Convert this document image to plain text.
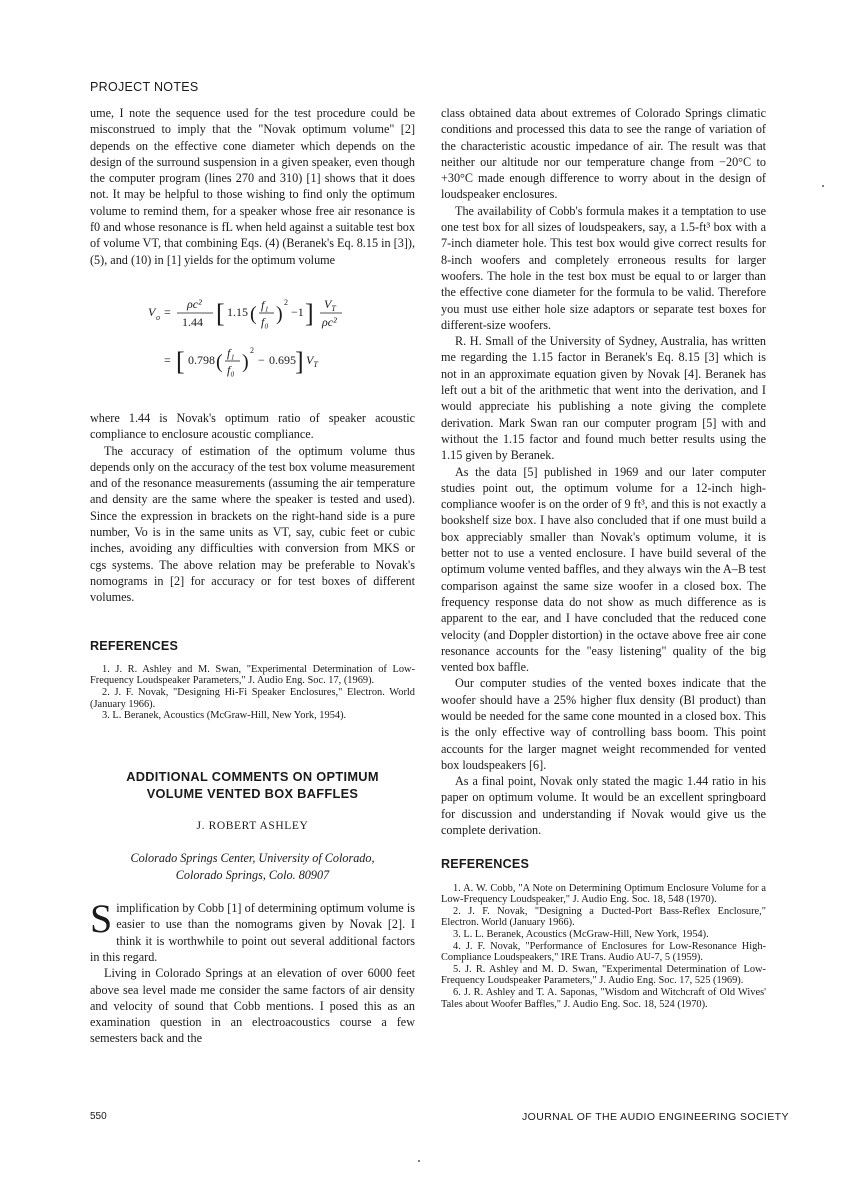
PROJECT NOTES

ume, I note the sequence used for the test procedure could be misconstrued to imply that the "Novak optimum volume" [2] depends on the effective cone diameter which depends on the design of the surround suspension in a given speaker, even though the computer program (lines 270 and 310) [1] shows that it does not. It may be helpful to those wishing to find only the optimum volume to remind them, for a speaker whose free air resonance is f0 and whose resonance is fL when held against a suitable test box of volume VT, that combining Eqs. (4) (Beranek's Eq. 8.15 in [3]), (5), and (10) in [1] yields for the optimum volume

V o =
ρc²
1.44 [ 1.15 ( f₁
f₀ )
2
−1 ] $V_T$
ρc²
= [ 0.798 ( f₁
f₀ )
2
− 0.695 ] $V_T$

where 1.44 is Novak's optimum ratio of speaker acoustic compliance to enclosure acoustic compliance.

The accuracy of estimation of the optimum volume thus depends only on the accuracy of the test box volume measurement and of the resonance measurements (assuming the air temperature and density are the same where the speaker is tested and used). Since the expression in brackets on the right-hand side is a pure number, Vo is in the same units as VT, say, cubic feet or cubic inches, avoiding any difficulties with conversion from MKS or cgs systems. The above relation may be preferable to Novak's nomograms in [2] for accuracy or for test boxes of different volumes.

REFERENCES
1. J. R. Ashley and M. Swan, "Experimental Determination of Low-Frequency Loudspeaker Parameters," J. Audio Eng. Soc. 17, (1969).
2. J. F. Novak, "Designing Hi-Fi Speaker Enclosures," Electron. World (January 1966).
3. L. Beranek, Acoustics (McGraw-Hill, New York, 1954).
ADDITIONAL COMMENTS ON OPTIMUM
VOLUME VENTED BOX BAFFLES
J. ROBERT ASHLEY
Colorado Springs Center, University of Colorado,
Colorado Springs, Colo. 80907

Simplification by Cobb [1] of determining optimum volume is easier to use than the nomograms given by Novak [2]. I think it is worthwhile to point out several additional factors in this regard.

Living in Colorado Springs at an elevation of over 6000 feet above sea level made me consider the same factors of air density and velocity of sound that Cobb mentions. I posed this as an examination question in an electroacoustics course a few semesters back and the

class obtained data about extremes of Colorado Springs climatic conditions and processed this data to see the range of variation of the characteristic acoustic impedance of air. The result was that neither our altitude nor our temperature change from −20°C to +30°C made enough difference to worry about in the design of loudspeaker enclosures.

The availability of Cobb's formula makes it a temptation to use one test box for all sizes of loudspeakers, say, a 1.5-ft³ box with a 7-inch diameter hole. This test box would give correct results for 8-inch woofers and completely erroneous results for larger woofers. The hole in the test box must be equal to or larger than the effective cone diameter for the formula to be valid. Therefore you must use either hole size adaptors or separate test boxes for different-size woofers.

R. H. Small of the University of Sydney, Australia, has written me regarding the 1.15 factor in Beranek's Eq. 8.15 [3] which is not in an approximate equation given by Novak [4]. Beranek has left out a bit of the arithmetic that went into the derivation, and I would appreciate his publishing a note giving the complete derivation. Mark Swan ran our computer program [5] with and without the 1.15 factor and found much better results using the 1.15 given by Beranek.

As the data [5] published in 1969 and our later computer studies point out, the optimum volume for a 12-inch high-compliance woofer is on the order of 9 ft³, and this is not exactly a bookshelf size box. I have also concluded that if one must build a box appreciably smaller than Novak's optimum volume, it is better not to use a vented enclosure. I have build several of the optimum volume vented baffles, and they always win the A–B test comparison against the same size woofer in a closed box. The frequency response data do not show as much difference as is apparent to the ear, and I have concluded that the reduced cone velocity (and Doppler distortion) in the octave above free air cone resonance accounts for the "easy listening" quality of the big vented box baffle.

Our computer studies of the vented boxes indicate that the woofer should have a 25% higher flux density (Bl product) than would be needed for the same cone mounted in a closed box. This is the only effective way of controlling bass boom. This point accounts for the larger magnet weight recommended for vented box loudspeakers [6].

As a final point, Novak only stated the magic 1.44 ratio in his paper on optimum volume. It would be an excellent springboard for discussion and understanding if Novak would give us the complete derivation.

REFERENCES
1. A. W. Cobb, "A Note on Determining Optimum Enclosure Volume for a Low-Frequency Loudspeaker," J. Audio Eng. Soc. 18, 548 (1970).
2. J. F. Novak, "Designing a Ducted-Port Bass-Reflex Enclosure," Electron. World (January 1966).
3. L. L. Beranek, Acoustics (McGraw-Hill, New York, 1954).
4. J. F. Novak, "Performance of Enclosures for Low-Resonance High-Compliance Loudspeakers," IRE Trans. Audio AU-7, 5 (1959).
5. J. R. Ashley and M. D. Swan, "Experimental Determination of Low-Frequency Loudspeaker Parameters," J. Audio Eng. Soc. 17, 525 (1969).
6. J. R. Ashley and T. A. Saponas, "Wisdom and Witchcraft of Old Wives' Tales about Woofer Baffles," J. Audio Eng. Soc. 18, 524 (1970).
550	JOURNAL OF THE AUDIO ENGINEERING SOCIETY
